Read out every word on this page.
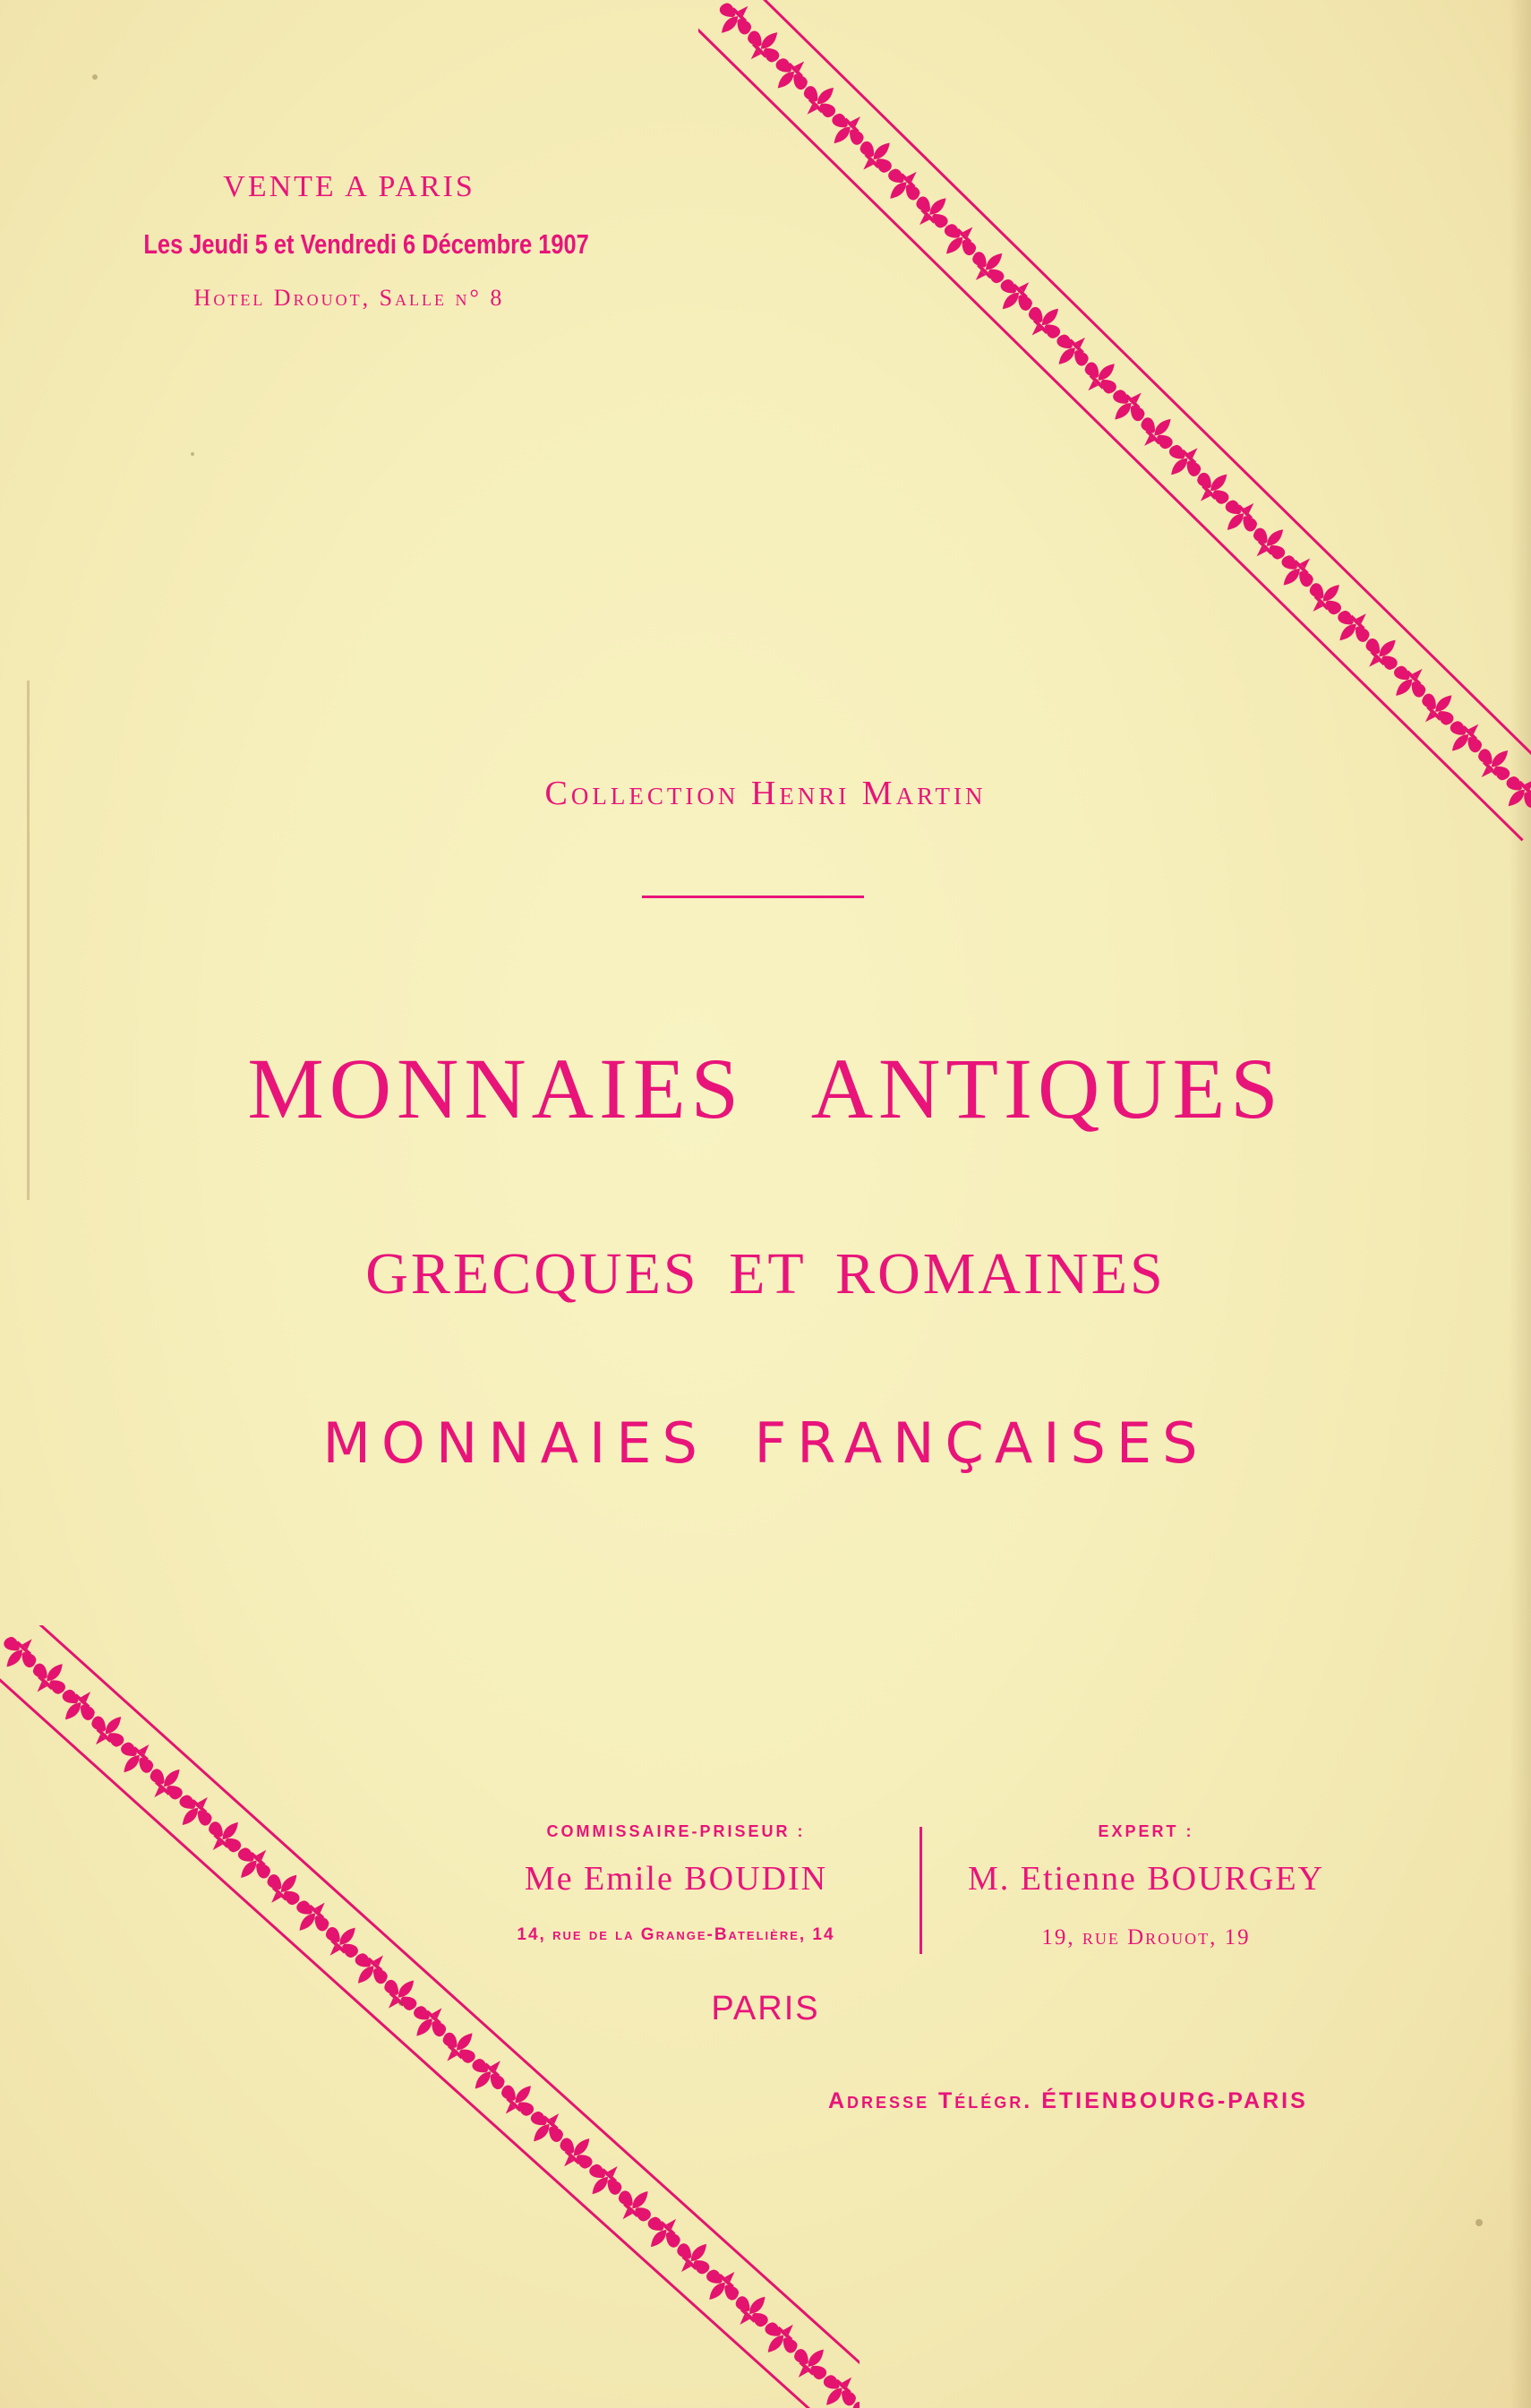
VENTE A PARIS
Les Jeudi 5 et Vendredi 6 Décembre 1907
Hotel Drouot, Salle n° 8
Collection Henri Martin
MONNAIES ANTIQUES
GRECQUES ET ROMAINES
MONNAIES FRANÇAISES
COMMISSAIRE-PRISEUR :
Me Emile BOUDIN
14, rue de la Grange-Batelière, 14
EXPERT :
M. Etienne BOURGEY
19, rue Drouot, 19
PARIS
Adresse Télégr. ÉTIENBOURG-PARIS
